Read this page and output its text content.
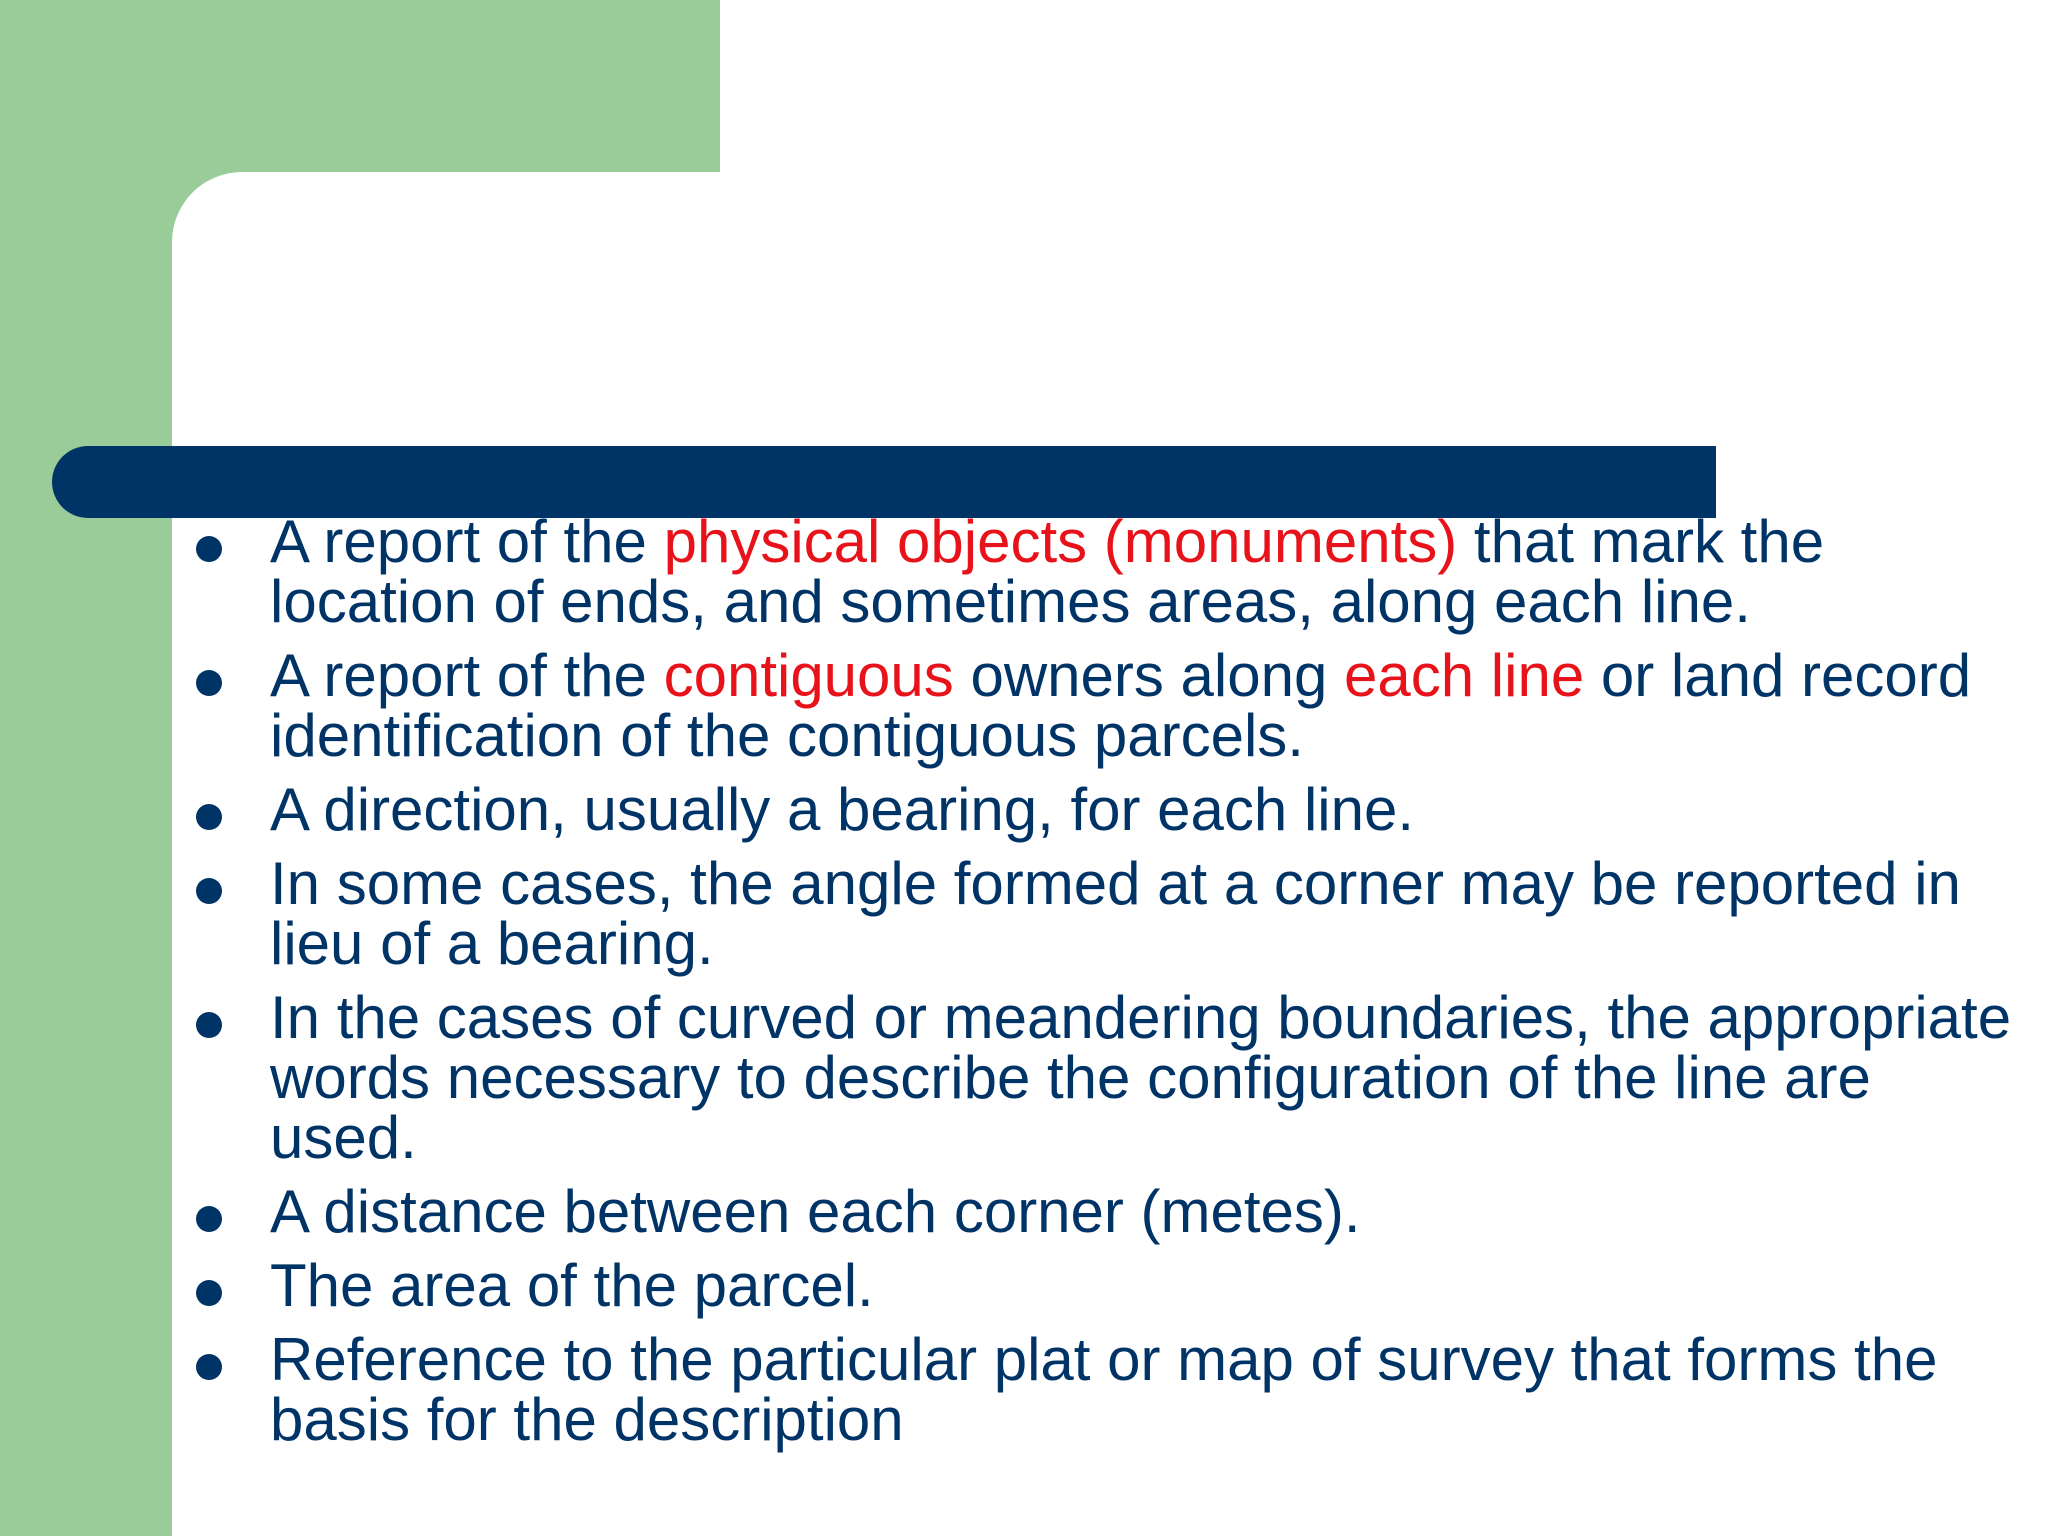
A report of the physical objects (monuments) that mark the location of ends, and sometimes areas, along each line.
A report of the contiguous owners along each line or land record identification of the contiguous parcels.
A direction, usually a bearing, for each line.
In some cases, the angle formed at a corner may be reported in lieu of a bearing.
In the cases of curved or meandering boundaries, the appropriate words necessary to describe the configuration of the line are used.
A distance between each corner (metes).
The area of the parcel.
Reference to the particular plat or map of survey that forms the basis for the description
